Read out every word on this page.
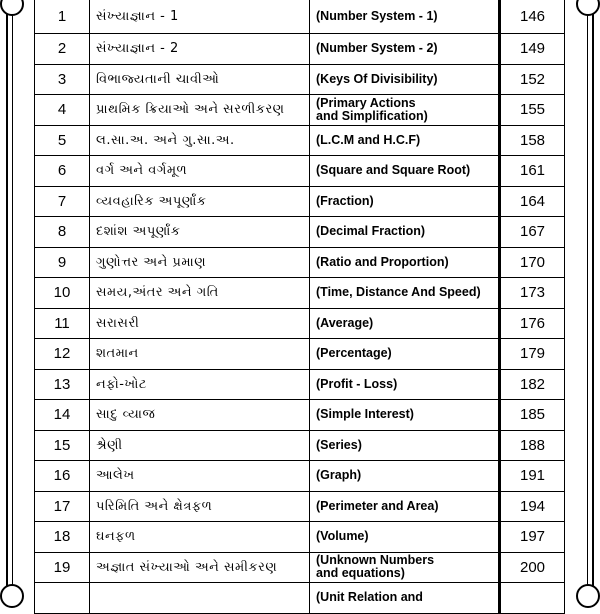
1	સંખ્યાજ્ઞાન - 1	(Number System - 1)	146
2	સંખ્યાજ્ઞાન - 2	(Number System - 2)	149
3	વિભાજ્યતાની ચાવીઓ	(Keys Of Divisibility)	152
4	પ્રાથમિક ક્રિયાઓ અને સરળીકરણ	(Primary Actions
and Simplification)	155
5	લ.સા.અ. અને ગુ.સા.અ.	(L.C.M and H.C.F)	158
6	વર્ગ અને વર્ગમૂળ	(Square and Square Root)	161
7	વ્યવહારિક અપૂર્ણાંક	(Fraction)	164
8	દશાંશ અપૂર્ણાંક	(Decimal Fraction)	167
9	ગુણોત્તર અને પ્રમાણ	(Ratio and Proportion)	170
10	સમય,અંતર અને ગતિ	(Time, Distance And Speed)	173
11	સરાસરી	(Average)	176
12	શતમાન	(Percentage)	179
13	નફો-ખોટ	(Profit - Loss)	182
14	સાદુ વ્યાજ	(Simple Interest)	185
15	શ્રેણી	(Series)	188
16	આલેખ	(Graph)	191
17	પરિમિતિ અને ક્ષેત્રફળ	(Perimeter and Area)	194
18	ઘનફળ	(Volume)	197
19	અજ્ઞાત સંખ્યાઓ અને સમીકરણ	(Unknown Numbers
and equations)	200
		(Unit Relation and	
